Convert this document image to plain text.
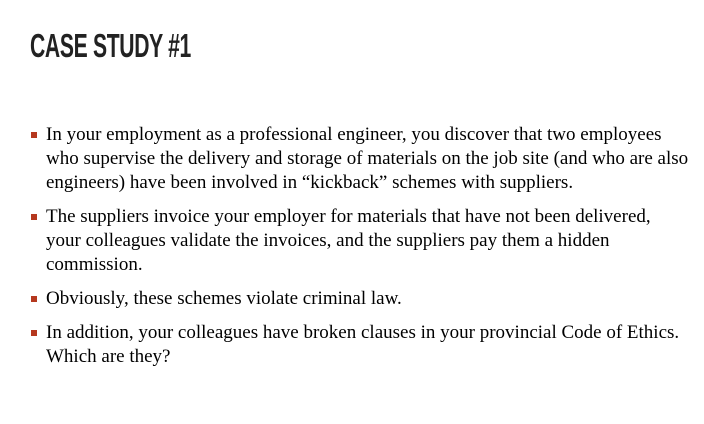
CASE STUDY #1
In your employment as a professional engineer, you discover that two employees who supervise the delivery and storage of materials on the job site (and who are also engineers) have been involved in “kickback” schemes with suppliers.
The suppliers invoice your employer for materials that have not been delivered, your colleagues validate the invoices, and the suppliers pay them a hidden commission.
Obviously, these schemes violate criminal law.
In addition, your colleagues have broken clauses in your provincial Code of Ethics. Which are they?
